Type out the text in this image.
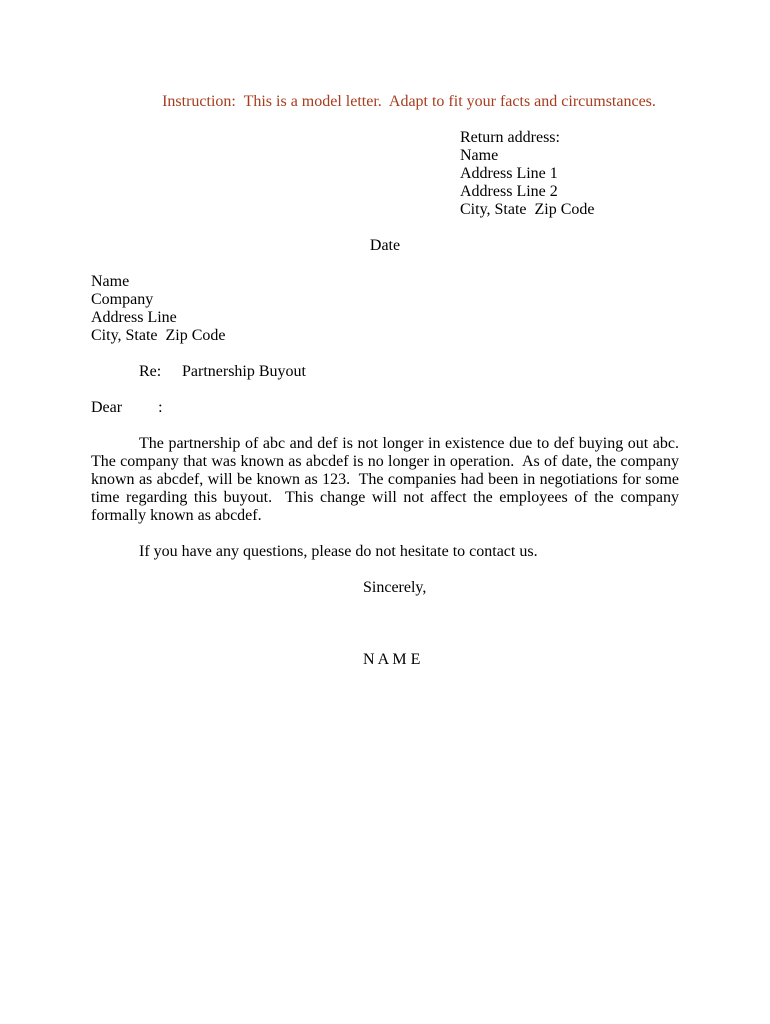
Instruction:  This is a model letter.  Adapt to fit your facts and circumstances.
Return address:
Name
Address Line 1
Address Line 2
City, State  Zip Code
Date
Name
Company
Address Line
City, State  Zip Code
Re: Partnership Buyout
Dear         :

The partnership of abc and def is not longer in existence due to def buying out abc.  The company that was known as abcdef is no longer in operation.  As of date, the company known as abcdef, will be known as 123.  The companies had been in negotiations for some time regarding this buyout.  This change will not affect the employees of the company formally known as abcdef.

If you have any questions, please do not hesitate to contact us.

Sincerely,
N A M E
